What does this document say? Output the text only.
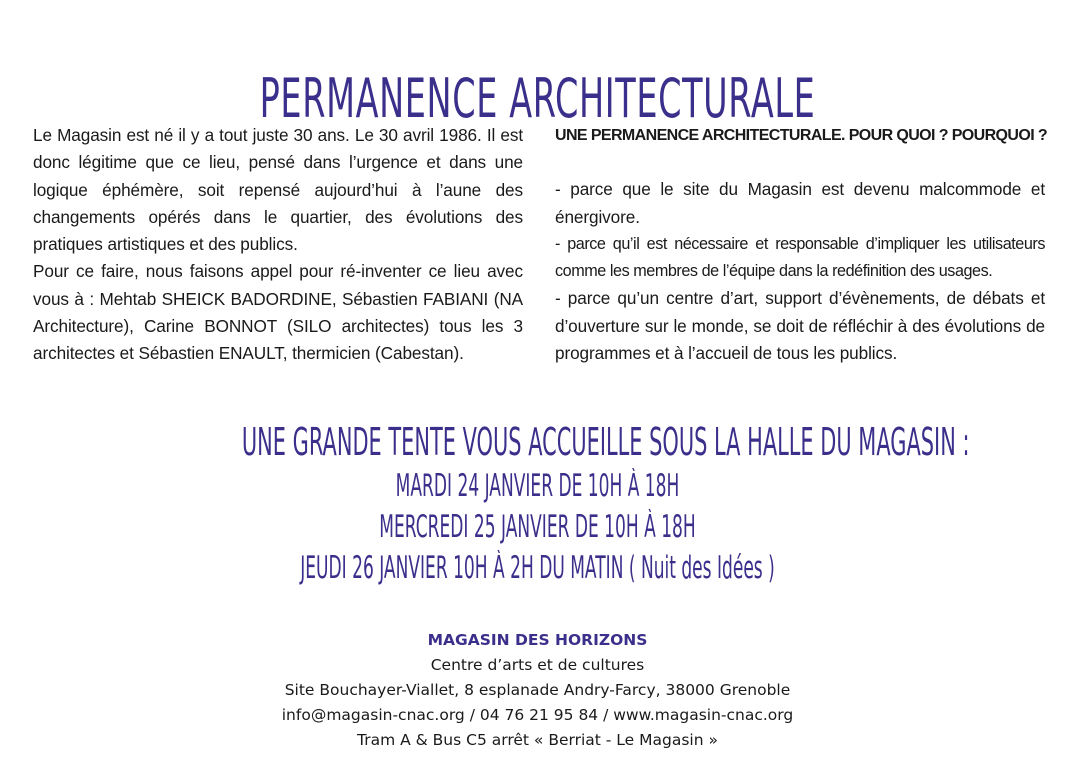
PERMANENCE ARCHITECTURALE

Le Magasin est né il y a tout juste 30 ans. Le 30 avril 1986. Il est donc légitime que ce lieu, pensé dans l’urgence et dans une logique éphémère, soit repensé aujourd’hui à l’aune des changements opérés dans le quartier, des évolutions des pratiques artistiques et des publics.

Pour ce faire, nous faisons appel pour ré-inventer ce lieu avec vous à : Mehtab SHEICK BADORDINE, Sébastien FABIANI (NA Architecture), Carine BONNOT (SILO architectes) tous les 3 architectes et Sébastien ENAULT, thermicien (Cabestan).

UNE PERMANENCE ARCHITECTURALE. POUR QUOI ? POURQUOI ?

- parce que le site du Magasin est devenu malcommode et énergivore.

- parce qu’il est nécessaire et responsable d’impliquer les utilisateurs comme les membres de l’équipe dans la redéfinition des usages.

- parce qu’un centre d’art, support d’évènements, de débats et d’ouverture sur le monde, se doit de réfléchir à des évolutions de programmes et à l’accueil de tous les publics.

UNE GRANDE TENTE VOUS ACCUEILLE SOUS LA HALLE DU MAGASIN :
MARDI 24 JANVIER DE 10H À 18H
MERCREDI 25 JANVIER DE 10H À 18H
JEUDI 26 JANVIER 10H À 2H DU MATIN ( Nuit des Idées )
MAGASIN DES HORIZONS
Centre d’arts et de cultures
Site Bouchayer-Viallet, 8 esplanade Andry-Farcy, 38000 Grenoble
info@magasin-cnac.org / 04 76 21 95 84 / www.magasin-cnac.org
Tram A & Bus C5 arrêt « Berriat - Le Magasin »
